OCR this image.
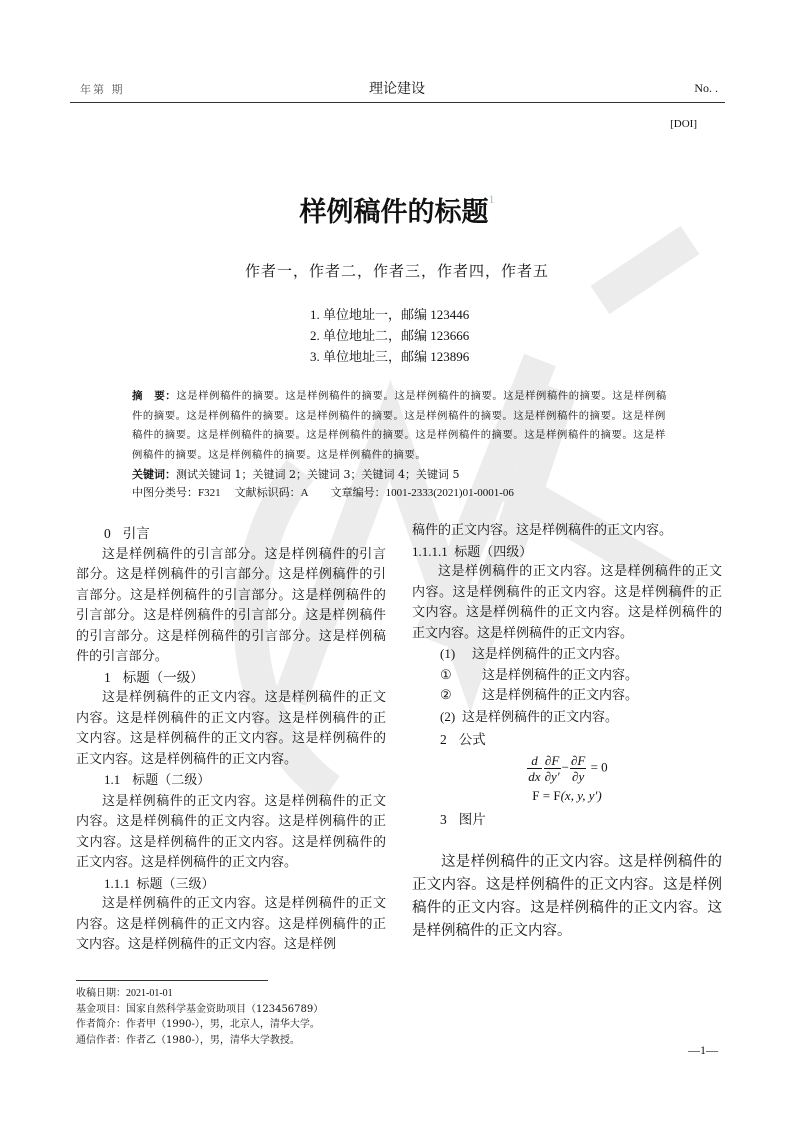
年第 期	理论建设	No. .
[DOI]
样例稿件的标题$^1$
作者一，作者二，作者三，作者四，作者五
1. 单位地址一，邮编 123446
2. 单位地址二，邮编 123666
3. 单位地址三，邮编 123896
摘　要：这是样例稿件的摘要。这是样例稿件的摘要。这是样例稿件的摘要。这是样例稿件的摘要。这是样例稿件的摘要。这是样例稿件的摘要。这是样例稿件的摘要。这是样例稿件的摘要。这是样例稿件的摘要。这是样例稿件的摘要。这是样例稿件的摘要。这是样例稿件的摘要。这是样例稿件的摘要。这是样例稿件的摘要。这是样例稿件的摘要。这是样例稿件的摘要。这是样例稿件的摘要。
关键词：测试关键词 1；关键词 2；关键词 3；关键词 4；关键词 5
中图分类号：F321 文献标识码：A 文章编号：1001-2333(2021)01-0001-06

0 引言

这是样例稿件的引言部分。这是样例稿件的引言部分。这是样例稿件的引言部分。这是样例稿件的引言部分。这是样例稿件的引言部分。这是样例稿件的引言部分。这是样例稿件的引言部分。这是样例稿件的引言部分。这是样例稿件的引言部分。这是样例稿件的引言部分。

1 标题（一级）

这是样例稿件的正文内容。这是样例稿件的正文内容。这是样例稿件的正文内容。这是样例稿件的正文内容。这是样例稿件的正文内容。这是样例稿件的正文内容。这是样例稿件的正文内容。

1.1 标题（二级）

这是样例稿件的正文内容。这是样例稿件的正文内容。这是样例稿件的正文内容。这是样例稿件的正文内容。这是样例稿件的正文内容。这是样例稿件的正文内容。这是样例稿件的正文内容。

1.1.1  标题（三级）

这是样例稿件的正文内容。这是样例稿件的正文内容。这是样例稿件的正文内容。这是样例稿件的正文内容。这是样例稿件的正文内容。这是样例

稿件的正文内容。这是样例稿件的正文内容。

1.1.1.1  标题（四级）

这是样例稿件的正文内容。这是样例稿件的正文内容。这是样例稿件的正文内容。这是样例稿件的正文内容。这是样例稿件的正文内容。这是样例稿件的正文内容。这是样例稿件的正文内容。

(1) 这是样例稿件的正文内容。

① 这是样例稿件的正文内容。

② 这是样例稿件的正文内容。

(2) 这是样例稿件的正文内容。

2 公式

$\frac{d}{dx} \frac{\partial F}{\partial y'} - \frac{\partial F}{\partial y} = 0$

F = F(x, y, y′)

3 图片

这是样例稿件的正文内容。这是样例稿件的正文内容。这是样例稿件的正文内容。这是样例稿件的正文内容。这是样例稿件的正文内容。这是样例稿件的正文内容。

收稿日期：2021-01-01
基金项目：国家自然科学基金资助项目（123456789）
作者简介：作者甲（1990-），男，北京人，清华大学。
通信作者：作者乙（1980-），男，清华大学教授。
—1—
